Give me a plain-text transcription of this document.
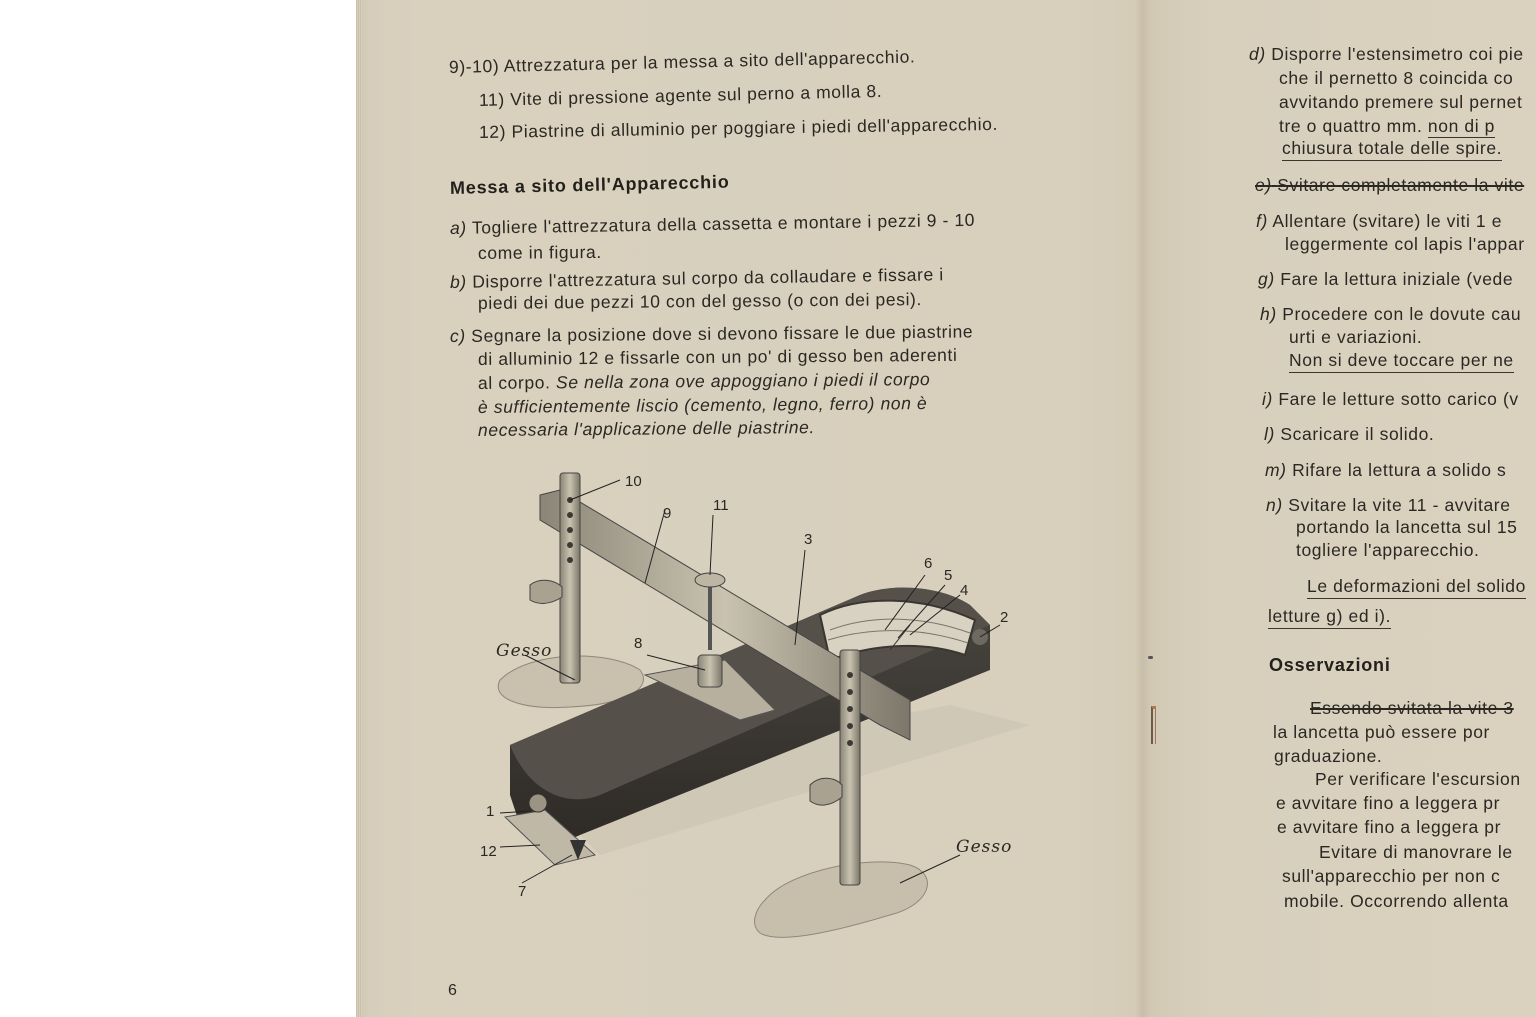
9)-10) Attrezzatura per la messa a sito dell'apparecchio.
11) Vite di pressione agente sul perno a molla 8.
12) Piastrine di alluminio per poggiare i piedi dell'apparecchio.
Messa a sito dell'Apparecchio
a) Togliere l'attrezzatura della cassetta e montare i pezzi 9 - 10
come in figura.
b) Disporre l'attrezzatura sul corpo da collaudare e fissare i
piedi dei due pezzi 10 con del gesso (o con dei pesi).
c) Segnare la posizione dove si devono fissare le due piastrine
di alluminio 12 e fissarle con un po' di gesso ben aderenti
al corpo. Se nella zona ove appoggiano i piedi il corpo
è sufficientemente liscio (cemento, legno, ferro) non è
necessaria l'applicazione delle piastrine.
10
9	11
3
6
5
4
2
8
1
12
7
Gesso
Gesso
6
d) Disporre l'estensimetro coi pie
che il pernetto 8 coincida co
avvitando premere sul pernet
tre o quattro mm. non di p
chiusura totale delle spire.
e) Svitare completamente la vite
f) Allentare (svitare) le viti 1 e
leggermente col lapis l'appar
g) Fare la lettura iniziale (vede
h) Procedere con le dovute cau
urti e variazioni.
Non si deve toccare per ne
i) Fare le letture sotto carico (v
l) Scaricare il solido.
m) Rifare la lettura a solido s
n) Svitare la vite 11 - avvitare
portando la lancetta sul 15
togliere l'apparecchio.
Le deformazioni del solido
letture g) ed i).
Osservazioni
Essendo svitata la vite 3
la lancetta può essere por
graduazione.
Per verificare l'escursion
e avvitare fino a leggera pr
e avvitare fino a leggera pr
Evitare di manovrare le
sull'apparecchio per non c
mobile. Occorrendo allenta
